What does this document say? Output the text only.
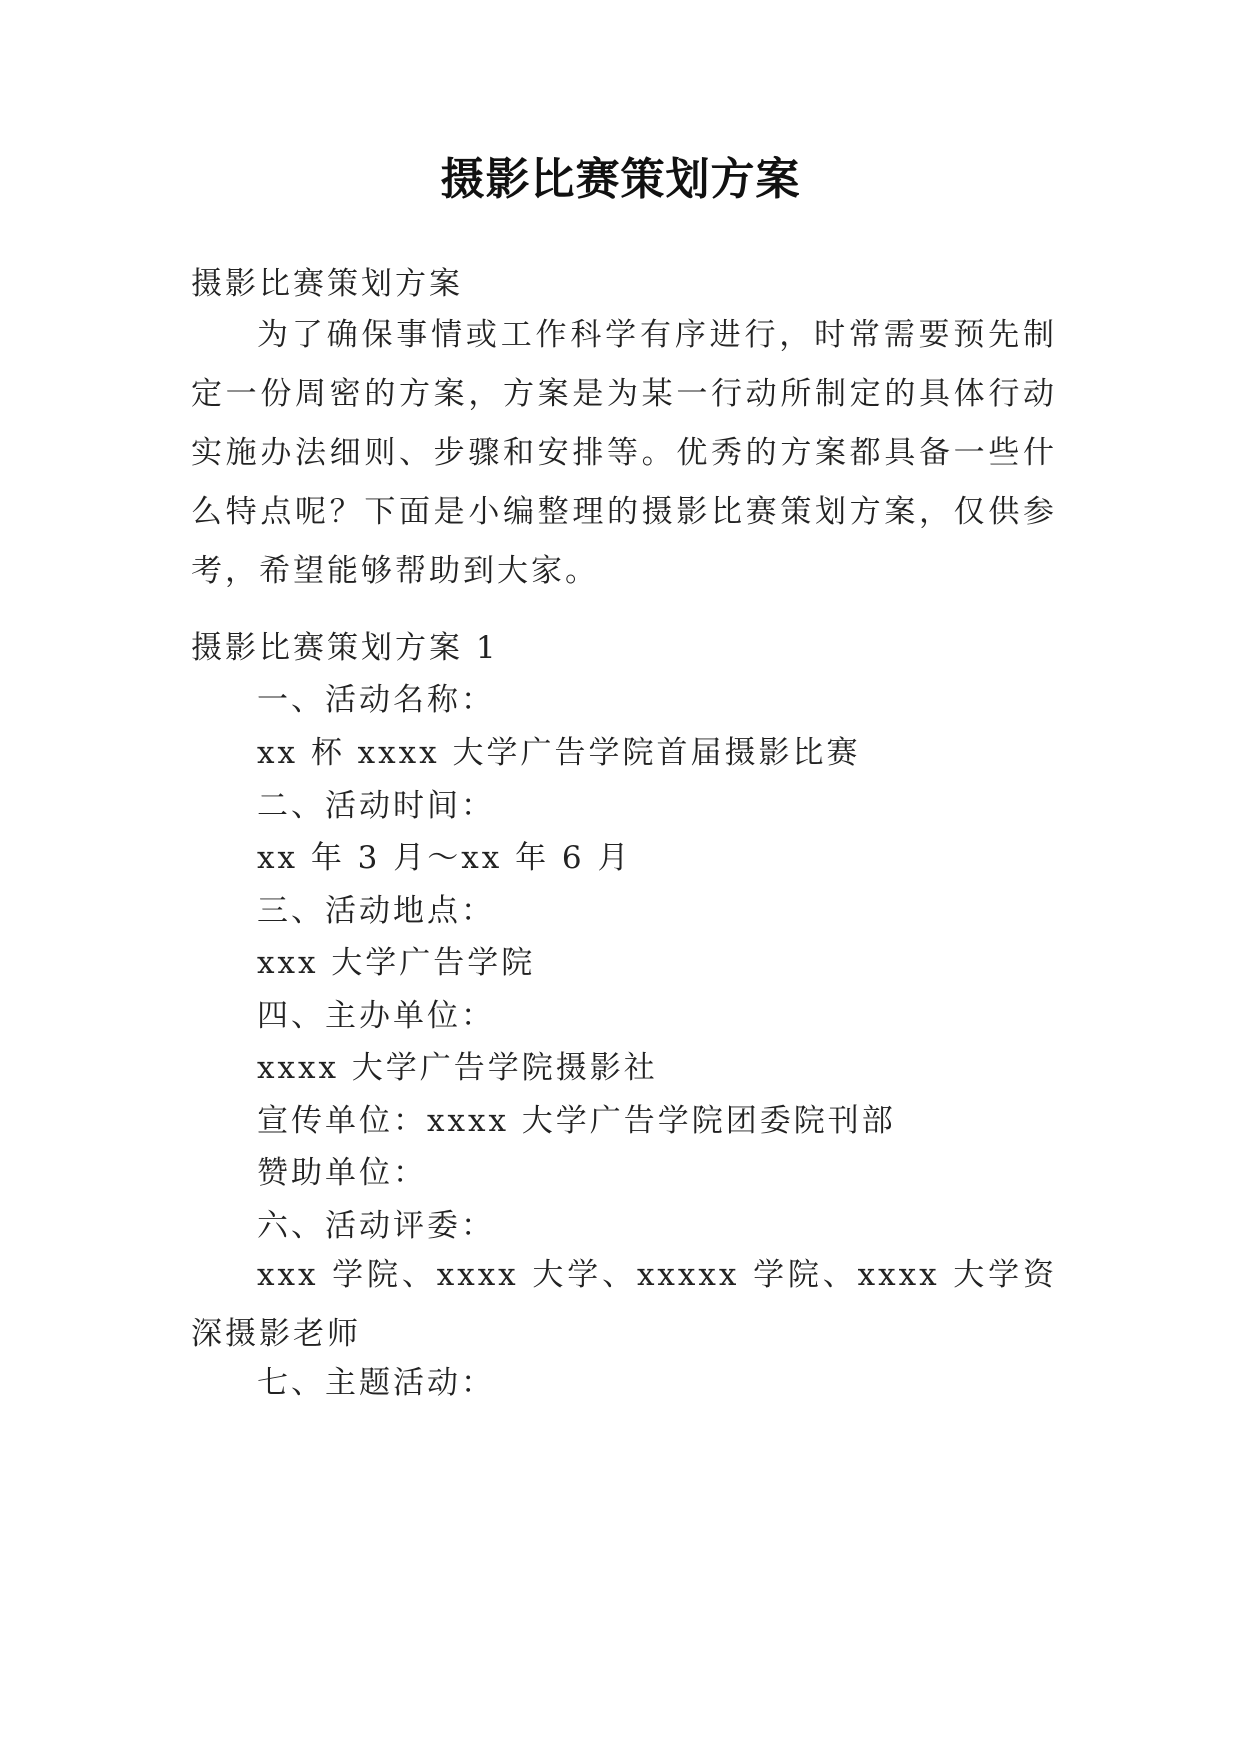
摄影比赛策划方案
摄影比赛策划方案
为了确保事情或工作科学有序进行，时常需要预先制定一份周密的方案，方案是为某一行动所制定的具体行动实施办法细则、步骤和安排等。优秀的方案都具备一些什么特点呢？下面是小编整理的摄影比赛策划方案，仅供参考，希望能够帮助到大家。
摄影比赛策划方案 1
一、活动名称：
xx 杯 xxxx 大学广告学院首届摄影比赛
二、活动时间：
xx 年 3 月～xx 年 6 月
三、活动地点：
xxx 大学广告学院
四、主办单位：
xxxx 大学广告学院摄影社
宣传单位：xxxx 大学广告学院团委院刊部
赞助单位：
六、活动评委：
xxx 学院、xxxx 大学、xxxxx 学院、xxxx 大学资深摄影老师
七、主题活动：
